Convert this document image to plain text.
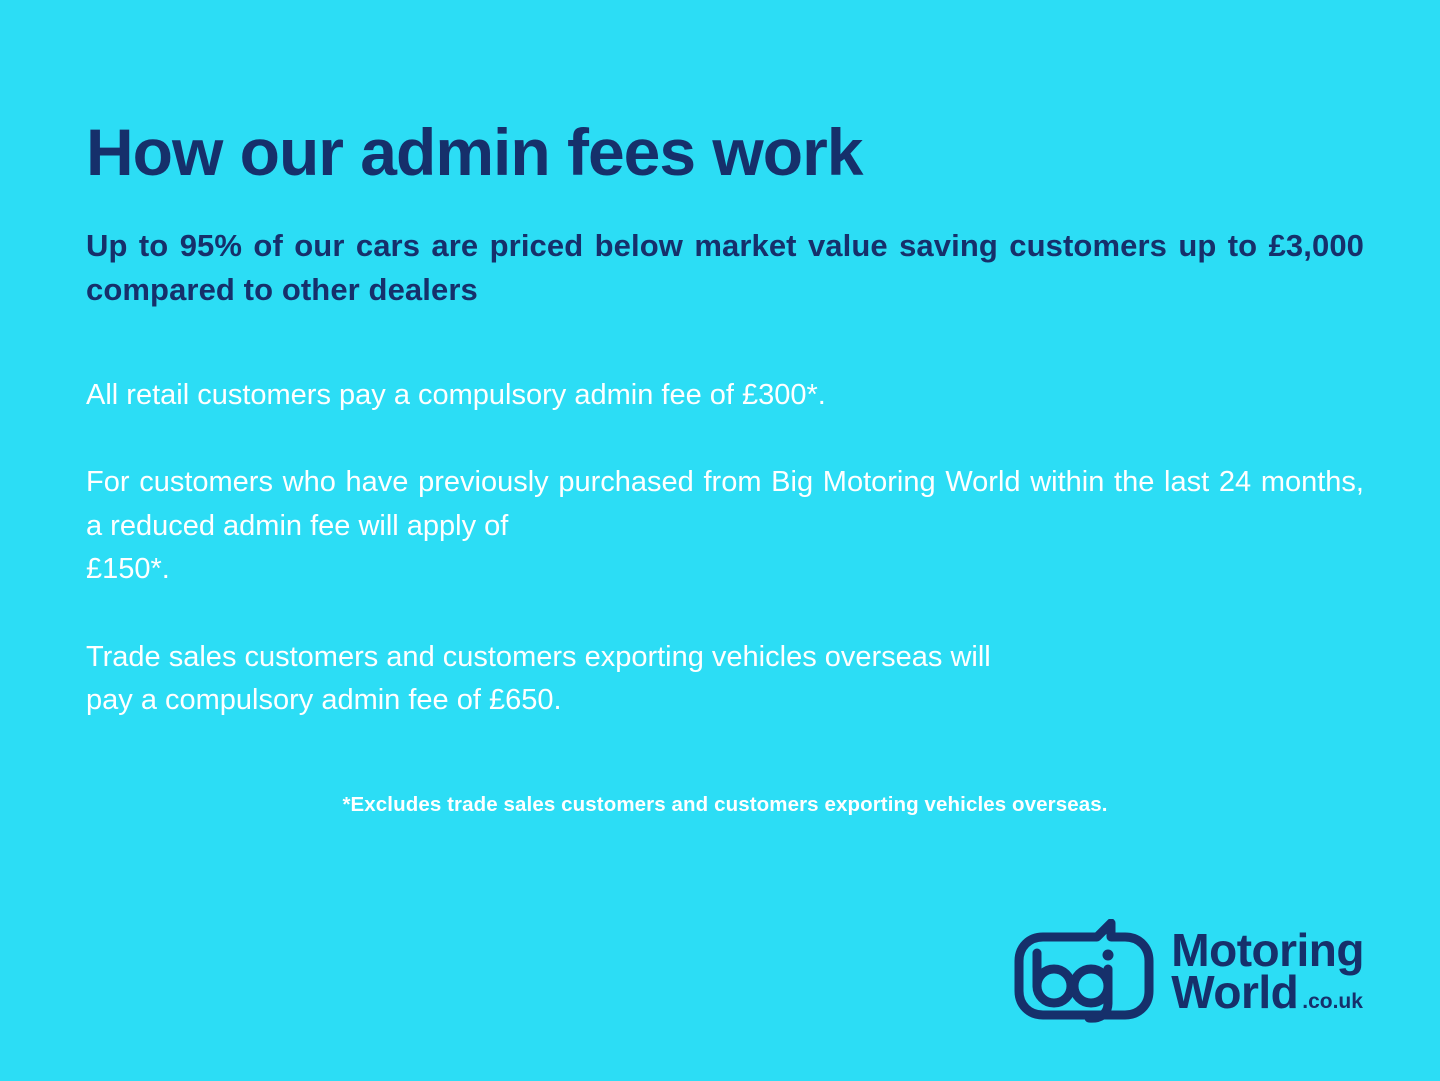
How our admin fees work

Up to 95% of our cars are priced below market value saving customers up to £3,000 compared to other dealers

All retail customers pay a compulsory admin fee of £300*.

For customers who have previously purchased from Big Motoring World within the last 24 months, a reduced admin fee will apply of
£150*.

Trade sales customers and customers exporting vehicles overseas will
pay a compulsory admin fee of £650.

*Excludes trade sales customers and customers exporting vehicles overseas.

Motoring
World .co.uk
